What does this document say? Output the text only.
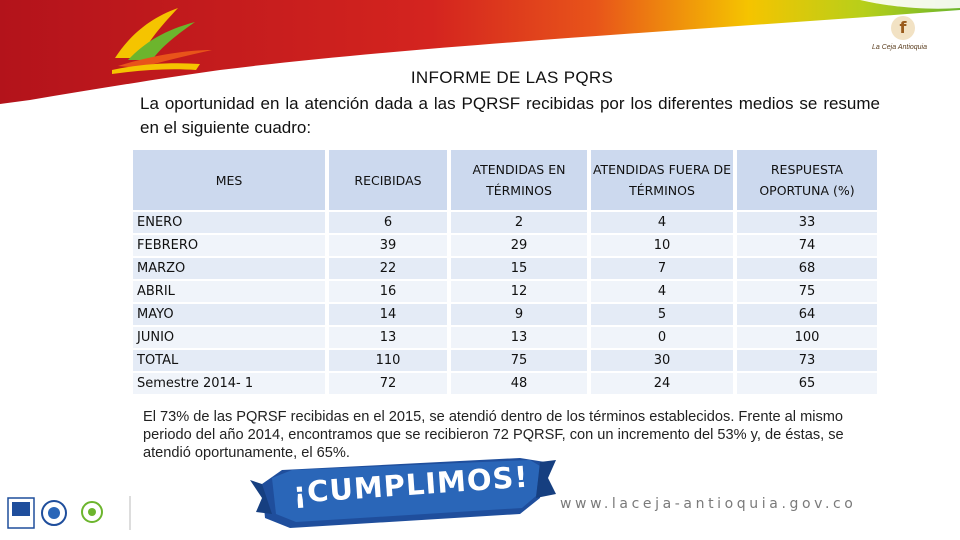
f
La Ceja Antioquia
INFORME DE LAS PQRS
La oportunidad en la atención dada a las PQRSF recibidas por los diferentes medios se resume en el siguiente cuadro:
MES	RECIBIDAS	ATENDIDAS EN TÉRMINOS	ATENDIDAS FUERA DE TÉRMINOS	RESPUESTA OPORTUNA (%)
ENERO	6	2	4	33
FEBRERO	39	29	10	74
MARZO	22	15	7	68
ABRIL	16	12	4	75
MAYO	14	9	5	64
JUNIO	13	13	0	100
TOTAL	110	75	30	73
Semestre 2014- 1	72	48	24	65
El 73% de las PQRSF recibidas en el 2015, se atendió dentro de los términos establecidos. Frente al mismo periodo del año 2014, encontramos que se recibieron 72 PQRSF, con un incremento del 53% y, de éstas, se atendió oportunamente, el 65%.
¡CUMPLIMOS! www.laceja-antioquia.gov.co
